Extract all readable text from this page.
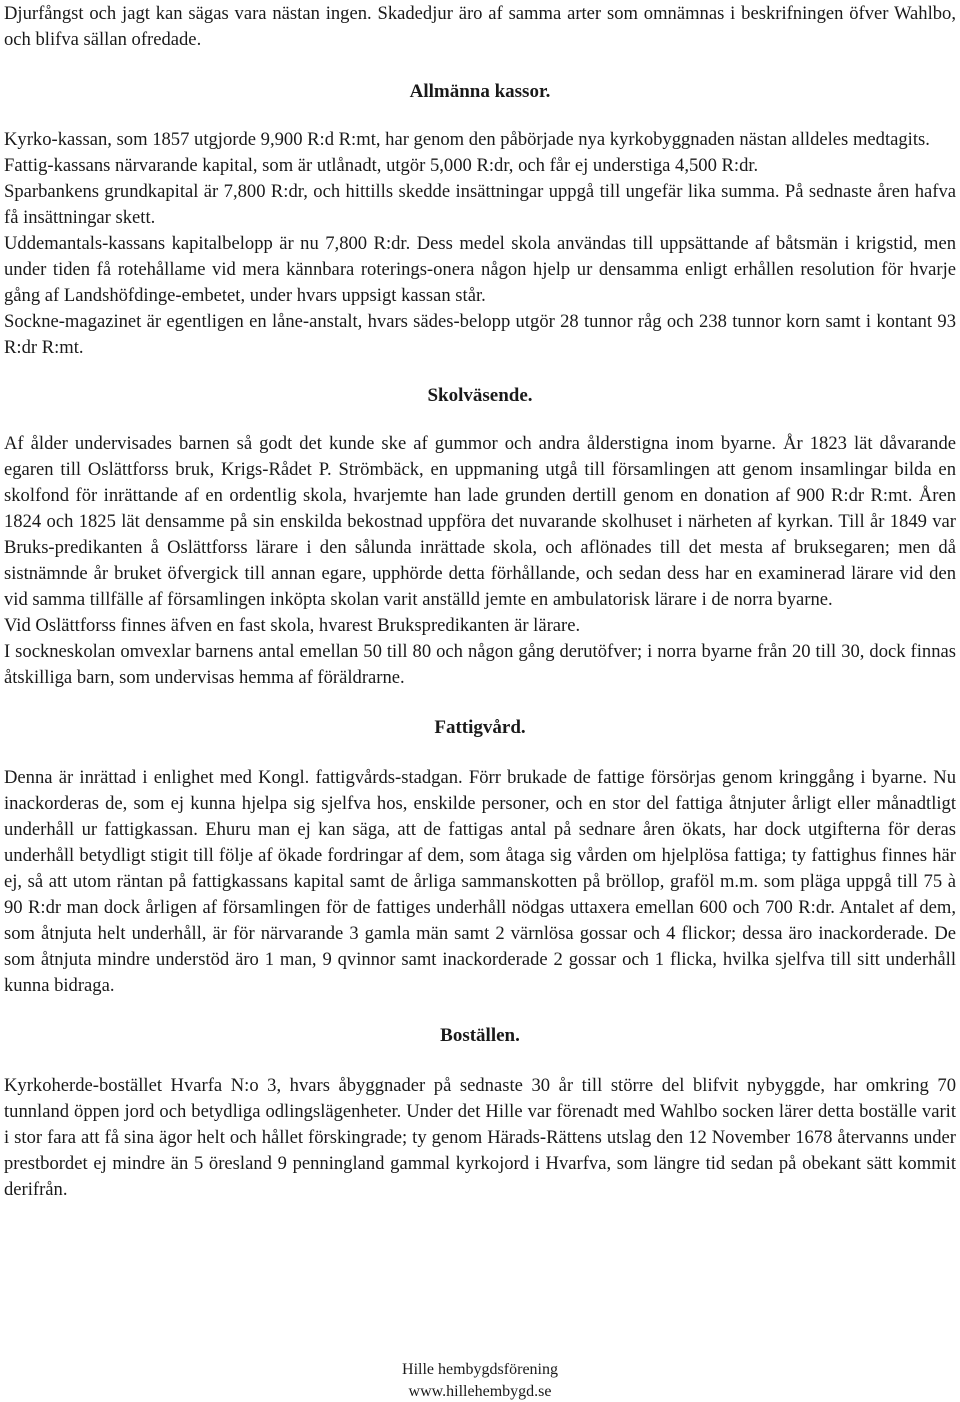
Djurfångst och jagt kan sägas vara nästan ingen. Skadedjur äro af samma arter som omnämnas i beskrifningen öfver Wahlbo, och blifva sällan ofredade.

Allmänna kassor.

Kyrko-kassan, som 1857 utgjorde 9,900 R:d R:mt, har genom den påbörjade nya kyrkobyggnaden nästan alldeles medtagits.

Fattig-kassans närvarande kapital, som är utlånadt, utgör 5,000 R:dr, och får ej understiga 4,500 R:dr.

Sparbankens grundkapital är 7,800 R:dr, och hittills skedde insättningar uppgå till ungefär lika summa. På sednaste åren hafva få insättningar skett.

Uddemantals-kassans kapitalbelopp är nu 7,800 R:dr. Dess medel skola användas till uppsättande af båtsmän i krigstid, men under tiden få rotehållame vid mera kännbara roterings-onera någon hjelp ur densamma enligt erhållen resolution för hvarje gång af Landshöfdinge-embetet, under hvars uppsigt kassan står.

Sockne-magazinet är egentligen en låne-anstalt, hvars sädes-belopp utgör 28 tunnor råg och 238 tunnor korn samt i kontant 93 R:dr R:mt.

Skolväsende.

Af ålder undervisades barnen så godt det kunde ske af gummor och andra ålderstigna inom byarne. År 1823 lät dåvarande egaren till Oslättforss bruk, Krigs-Rådet P. Strömbäck, en uppmaning utgå till församlingen att genom insamlingar bilda en skolfond för inrättande af en ordentlig skola, hvarjemte han lade grunden dertill genom en donation af 900 R:dr R:mt. Åren 1824 och 1825 lät densamme på sin enskilda bekostnad uppföra det nuvarande skolhuset i närheten af kyrkan. Till år 1849 var Bruks-predikanten å Oslättforss lärare i den sålunda inrättade skola, och aflönades till det mesta af bruksegaren; men då sistnämnde år bruket öfvergick till annan egare, upphörde detta förhållande, och sedan dess har en examinerad lärare vid den vid samma tillfälle af församlingen inköpta skolan varit anställd jemte en ambulatorisk lärare i de norra byarne.

Vid Oslättforss finnes äfven en fast skola, hvarest Brukspredikanten är lärare.

I sockneskolan omvexlar barnens antal emellan 50 till 80 och någon gång derutöfver; i norra byarne från 20 till 30, dock finnas åtskilliga barn, som undervisas hemma af föräldrarne.

Fattigvård.

Denna är inrättad i enlighet med Kongl. fattigvårds-stadgan. Förr brukade de fattige försörjas genom kringgång i byarne. Nu inackorderas de, som ej kunna hjelpa sig sjelfva hos, enskilde personer, och en stor del fattiga åtnjuter årligt eller månadtligt underhåll ur fattigkassan. Ehuru man ej kan säga, att de fattigas antal på sednare åren ökats, har dock utgifterna för deras underhåll betydligt stigit till följe af ökade fordringar af dem, som åtaga sig vården om hjelplösa fattiga; ty fattighus finnes här ej, så att utom räntan på fattigkassans kapital samt de årliga sammanskotten på bröllop, graföl m.m. som pläga uppgå till 75 à 90 R:dr man dock årligen af församlingen för de fattiges underhåll nödgas uttaxera emellan 600 och 700 R:dr. Antalet af dem, som åtnjuta helt underhåll, är för närvarande 3 gamla män samt 2 värnlösa gossar och 4 flickor; dessa äro inackorderade. De som åtnjuta mindre understöd äro 1 man, 9 qvinnor samt inackorderade 2 gossar och 1 flicka, hvilka sjelfva till sitt underhåll kunna bidraga.

Boställen.

Kyrkoherde-bostället Hvarfa N:o 3, hvars åbyggnader på sednaste 30 år till större del blifvit nybyggde, har omkring 70 tunnland öppen jord och betydliga odlingslägenheter. Under det Hille var förenadt med Wahlbo socken lärer detta boställe varit i stor fara att få sina ägor helt och hållet förskingrade; ty genom Härads-Rättens utslag den 12 November 1678 återvanns under prestbordet ej mindre än 5 öresland 9 penningland gammal kyrkojord i Hvarfva, som längre tid sedan på obekant sätt kommit derifrån.

Hille hembygdsförening
www.hillehembygd.se
